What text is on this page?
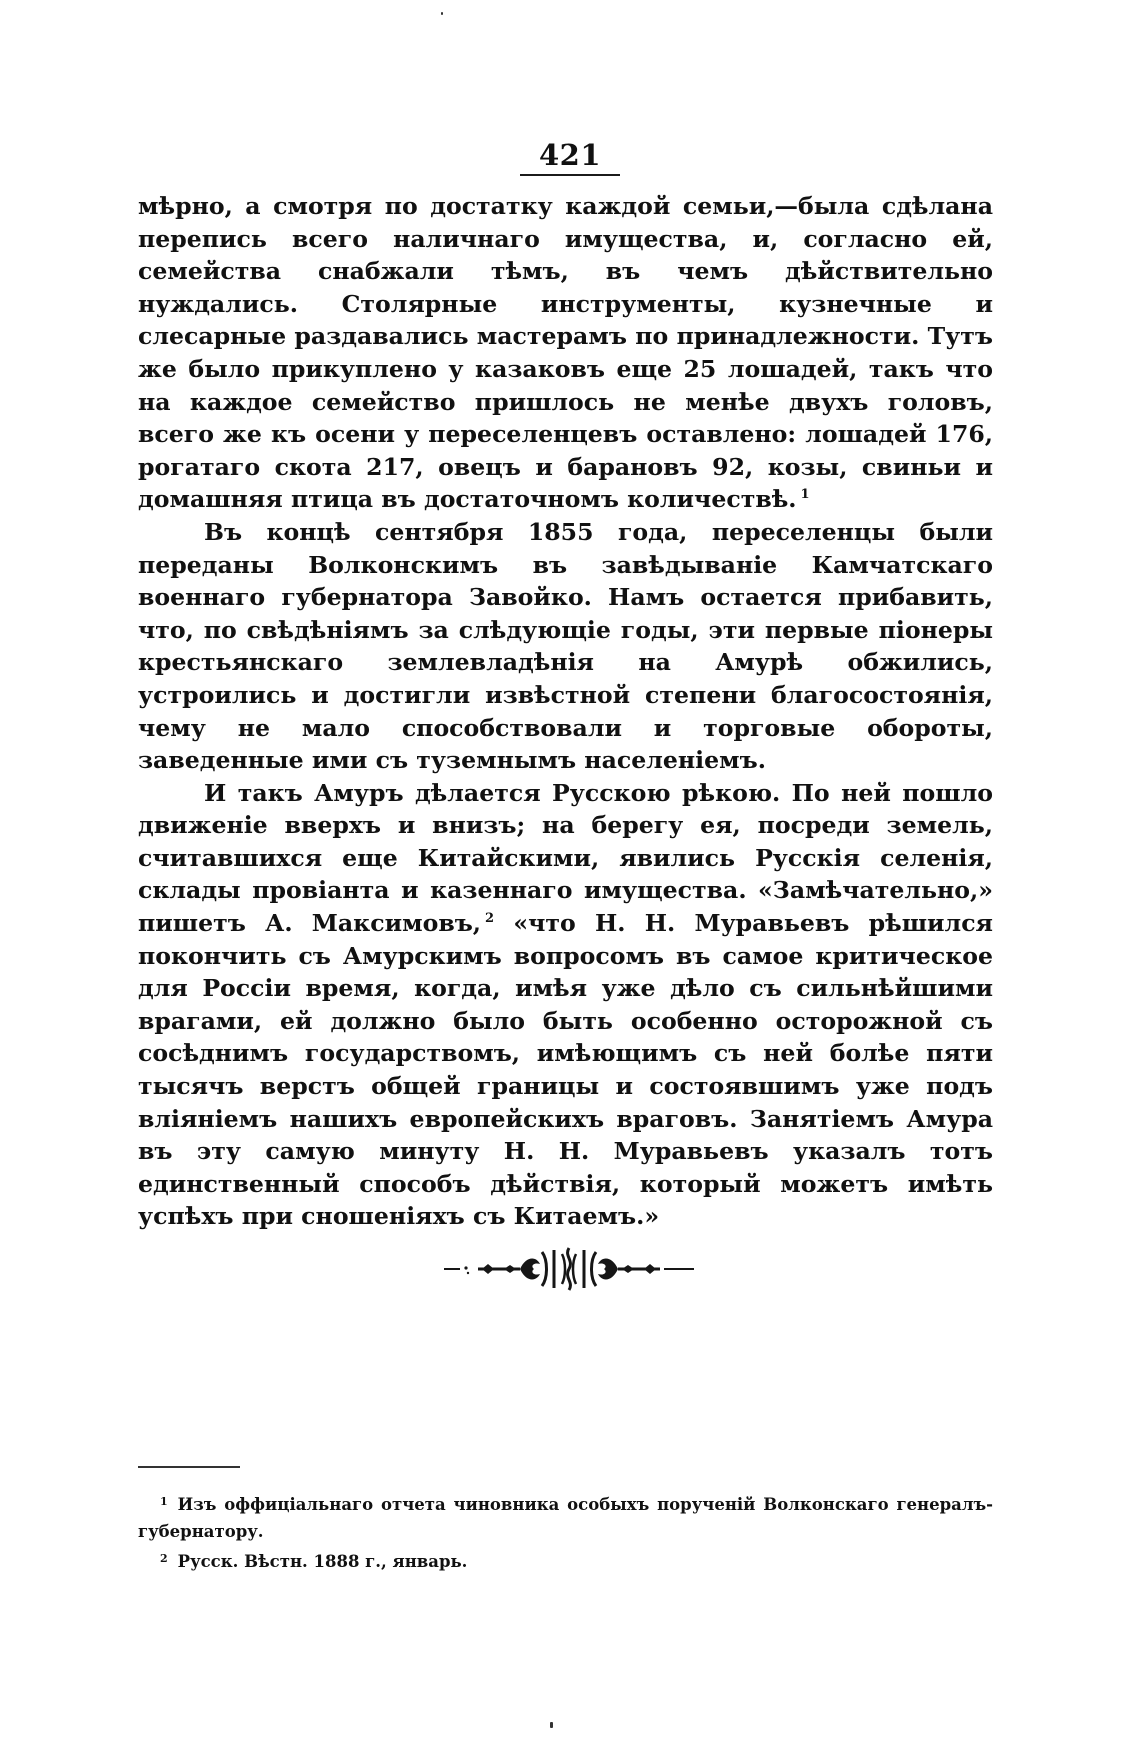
421

мѣрно, а смотря по достатку каждой семьи,—была сдѣлана перепись всего наличнаго имущества, и, согласно ей, семейства снабжали тѣмъ, въ чемъ дѣйствительно нуждались. Столярные инструменты, кузнечные и слесарные раздавались мастерамъ по принадлежности. Тутъ же было прикуплено у казаковъ еще 25 лошадей, такъ что на каждое семейство пришлось не менѣе двухъ головъ, всего же къ осени у переселенцевъ оставлено: лошадей 176, рогатаго скота 217, овецъ и барановъ 92, козы, свиньи и домашняя птица въ достаточномъ количествѣ. $^1$

Въ концѣ сентября 1855 года, переселенцы были переданы Волконскимъ въ завѣдываніе Камчатскаго военнаго губернатора Завойко. Намъ остается прибавить, что, по свѣдѣніямъ за слѣдующіе годы, эти первые піонеры крестьянскаго землевладѣнія на Амурѣ обжились, устроились и достигли извѣстной степени благосостоянія, чему не мало способствовали и торговые обороты, заведенные ими съ туземнымъ населеніемъ.

И такъ Амуръ дѣлается Русскою рѣкою. По ней пошло движеніе вверхъ и внизъ; на берегу ея, посреди земель, считавшихся еще Китайскими, явились Русскія селенія, склады провіанта и казеннаго имущества. «Замѣчательно,» пишетъ А. Максимовъ, $^2$ «что Н. Н. Муравьевъ рѣшился покончить съ Амурскимъ вопросомъ въ самое критическое для Россіи время, когда, имѣя уже дѣло съ сильнѣйшими врагами, ей должно было быть особенно осторожной съ сосѣднимъ государствомъ, имѣющимъ съ ней болѣе пяти тысячъ верстъ общей границы и состоявшимъ уже подъ вліяніемъ нашихъ европейскихъ враговъ. Занятіемъ Амура въ эту самую минуту Н. Н. Муравьевъ указалъ тотъ единственный способъ дѣйствія, который можетъ имѣть успѣхъ при сношеніяхъ съ Китаемъ.»

$^1$ Изъ оффиціальнаго отчета чиновника особыхъ порученій Волконскаго генералъ-губернатору.

$^2$ Русск. Вѣстн. 1888 г., январь.
